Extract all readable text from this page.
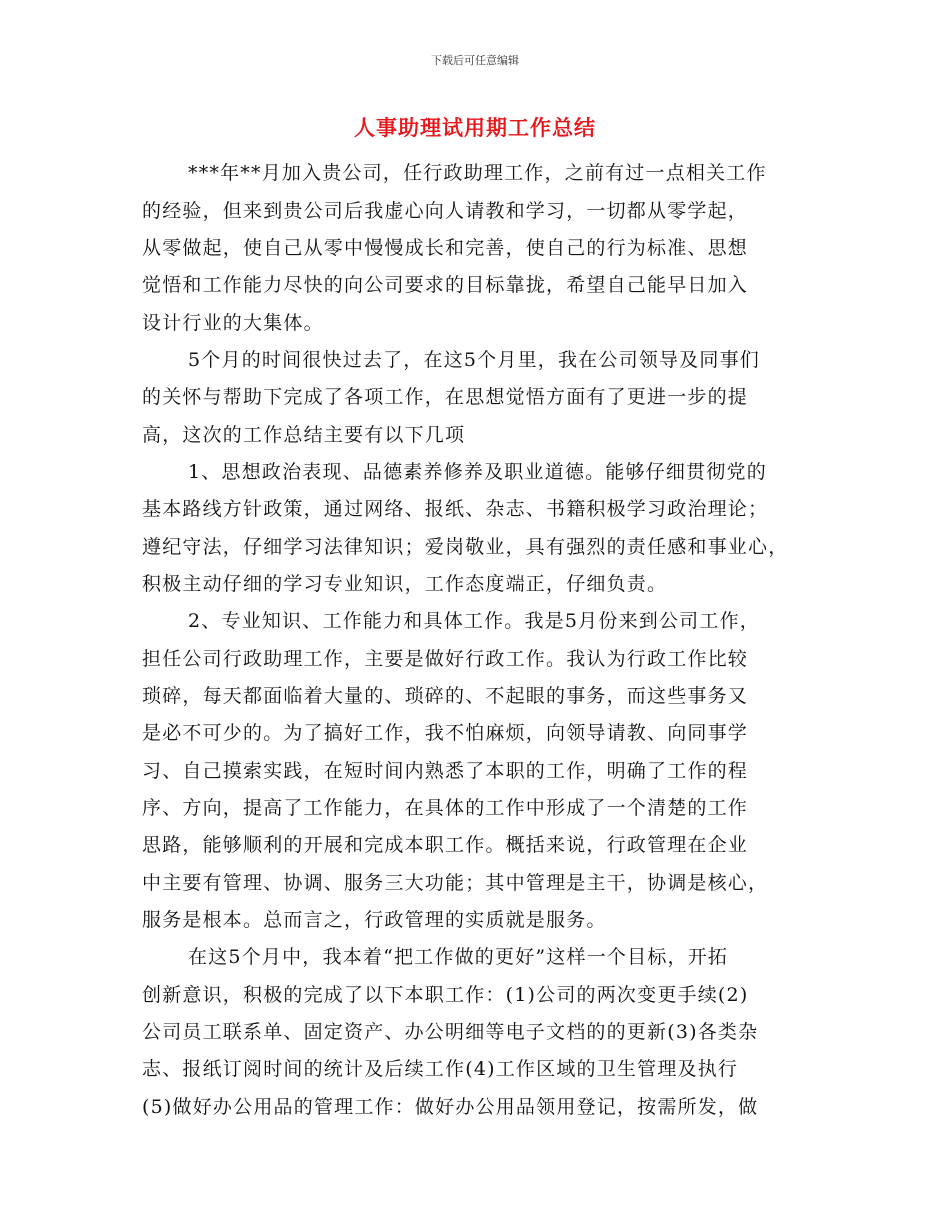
下载后可任意编辑
人事助理试用期工作总结
***年**月加入贵公司，任行政助理工作，之前有过一点相关工作
的经验，但来到贵公司后我虚心向人请教和学习，一切都从零学起，
从零做起，使自己从零中慢慢成长和完善，使自己的行为标准、思想
觉悟和工作能力尽快的向公司要求的目标靠拢，希望自己能早日加入
设计行业的大集体。
5个月的时间很快过去了，在这5个月里，我在公司领导及同事们
的关怀与帮助下完成了各项工作，在思想觉悟方面有了更进一步的提
高，这次的工作总结主要有以下几项
1、思想政治表现、品德素养修养及职业道德。能够仔细贯彻党的
基本路线方针政策，通过网络、报纸、杂志、书籍积极学习政治理论；
遵纪守法，仔细学习法律知识；爱岗敬业，具有强烈的责任感和事业心，
积极主动仔细的学习专业知识，工作态度端正，仔细负责。
2、专业知识、工作能力和具体工作。我是5月份来到公司工作，
担任公司行政助理工作，主要是做好行政工作。我认为行政工作比较
琐碎，每天都面临着大量的、琐碎的、不起眼的事务，而这些事务又
是必不可少的。为了搞好工作，我不怕麻烦，向领导请教、向同事学
习、自己摸索实践，在短时间内熟悉了本职的工作，明确了工作的程
序、方向，提高了工作能力，在具体的工作中形成了一个清楚的工作
思路，能够顺利的开展和完成本职工作。概括来说，行政管理在企业
中主要有管理、协调、服务三大功能；其中管理是主干，协调是核心，
服务是根本。总而言之，行政管理的实质就是服务。
在这5个月中，我本着“把工作做的更好”这样一个目标，开拓
创新意识，积极的完成了以下本职工作：(1)公司的两次变更手续(2)
公司员工联系单、固定资产、办公明细等电子文档的的更新(3)各类杂
志、报纸订阅时间的统计及后续工作(4)工作区域的卫生管理及执行
(5)做好办公用品的管理工作：做好办公用品领用登记，按需所发，做
